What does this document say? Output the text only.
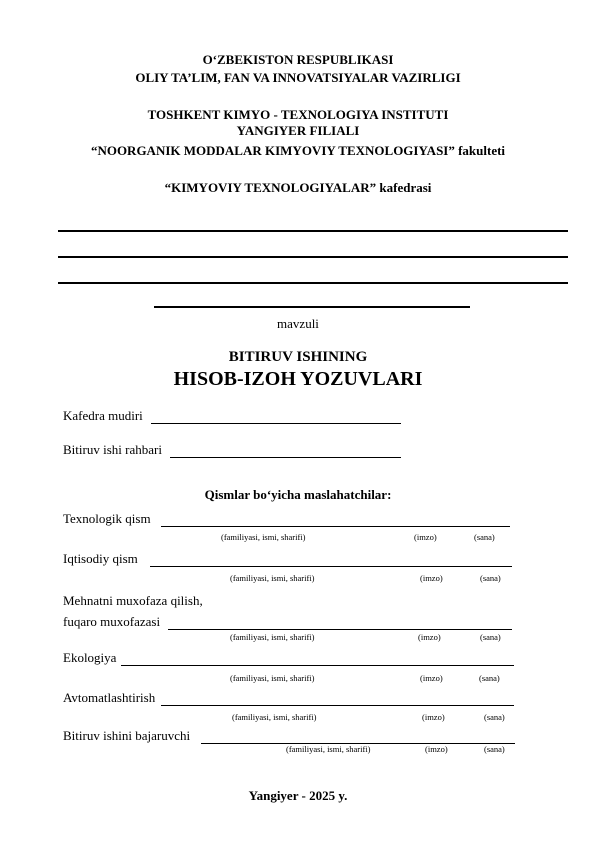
O‘ZBEKISTON RESPUBLIKASI
OLIY TA’LIM, FAN VA INNOVATSIYALAR VAZIRLIGI
TOSHKENT KIMYO - TEXNOLOGIYA INSTITUTI
YANGIYER FILIALI
“NOORGANIK MODDALAR KIMYOVIY TEXNOLOGIYASI” fakulteti
“KIMYOVIY TEXNOLOGIYALAR” kafedrasi
mavzuli
BITIRUV ISHINING
HISOB-IZOH YOZUVLARI
Kafedra mudiri
Bitiruv ishi rahbari
Qismlar bo‘yicha maslahatchilar:
Texnologik qism
(familiyasi, ismi, sharifi)	(imzo)	(sana)
Iqtisodiy qism
(familiyasi, ismi, sharifi)	(imzo)	(sana)
Mehnatni muxofaza qilish,
fuqaro muxofazasi
(familiyasi, ismi, sharifi)	(imzo)	(sana)
Ekologiya
(familiyasi, ismi, sharifi)	(imzo)	(sana)
Avtomatlashtirish
(familiyasi, ismi, sharifi)	(imzo)	(sana)
Bitiruv ishini bajaruvchi
(familiyasi, ismi, sharifi)	(imzo)	(sana)
Yangiyer - 2025 y.
